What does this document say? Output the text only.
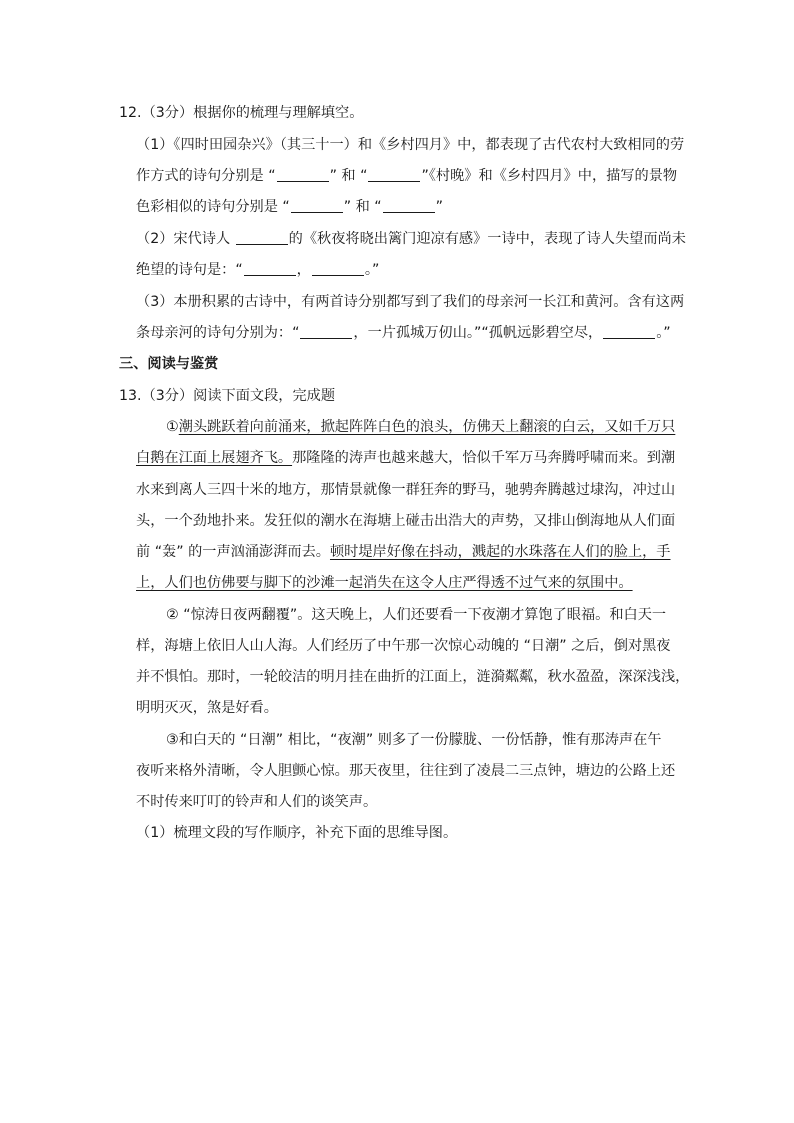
12.（3分）根据你的梳理与理解填空。
（1）《四时田园杂兴》（其三十一）和《乡村四月》中，都表现了古代农村大致相同的劳
作方式的诗句分别是 “	” 和 “	”《村晚》和《乡村四月》中，描写的景物
色彩相似的诗句分别是 “	” 和 “	”
（2）宋代诗人	的《秋夜将晓出篱门迎凉有感》一诗中，表现了诗人失望而尚未
绝望的诗句是：“	，	。”
（3）本册积累的古诗中，有两首诗分别都写到了我们的母亲河一长江和黄河。含有这两
条母亲河的诗句分别为：“	，一片孤城万仞山。”“孤帆远影碧空尽，	。”
三、阅读与鉴赏
13.（3分）阅读下面文段，完成题
①潮头跳跃着向前涌来，掀起阵阵白色的浪头，仿佛天上翻滚的白云，又如千万只
白鹅在江面上展翅齐飞。那隆隆的涛声也越来越大，恰似千军万马奔腾呼啸而来。到潮
水来到离人三四十米的地方，那情景就像一群狂奔的野马，驰骋奔腾越过埭沟，冲过山
头，一个劲地扑来。发狂似的潮水在海塘上碰击出浩大的声势，又排山倒海地从人们面
前 “轰” 的一声汹涌澎湃而去。顿时堤岸好像在抖动，溅起的水珠落在人们的脸上，手
上，人们也仿佛要与脚下的沙滩一起消失在这令人庄严得透不过气来的氛围中。
② “惊涛日夜两翻覆”。这天晚上，人们还要看一下夜潮才算饱了眼福。和白天一
样，海塘上依旧人山人海。人们经历了中午那一次惊心动魄的 “日潮” 之后，倒对黑夜
并不惧怕。那时，一轮皎洁的明月挂在曲折的江面上，涟漪粼粼，秋水盈盈，深深浅浅，
明明灭灭，煞是好看。
③和白天的 “日潮” 相比，“夜潮” 则多了一份朦胧、一份恬静，惟有那涛声在午
夜听来格外清晰，令人胆颤心惊。那天夜里，往往到了凌晨二三点钟，塘边的公路上还
不时传来叮叮的铃声和人们的谈笑声。
（1）梳理文段的写作顺序，补充下面的思维导图。
